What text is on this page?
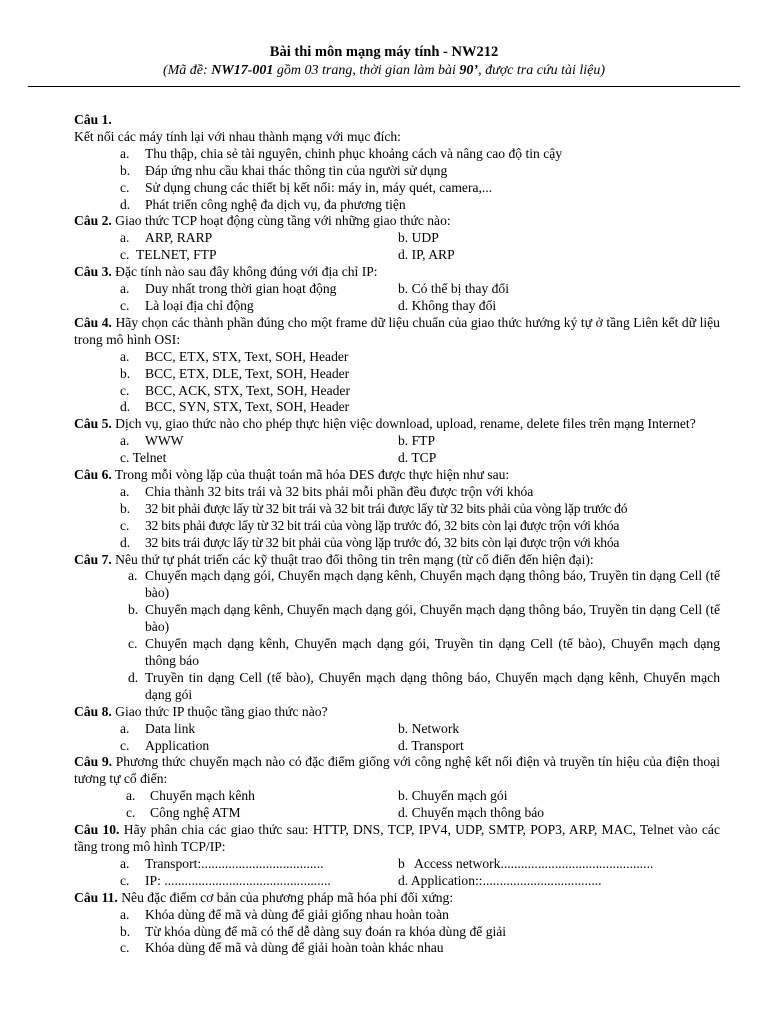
Bài thi môn mạng máy tính - NW212
(Mã đề: NW17-001 gồm 03 trang, thời gian làm bài 90’, được tra cứu tài liệu)
Câu 1.
Kết nối các máy tính lại với nhau thành mạng với mục đích:
a.	Thu thập, chia sẻ tài nguyên, chinh phục khoảng cách và nâng cao độ tin cậy
b.	Đáp ứng nhu cầu khai thác thông tin của người sử dụng
c.	Sử dụng chung các thiết bị kết nối: máy in, máy quét, camera,...
d.	Phát triển công nghệ đa dịch vụ, đa phương tiện
Câu 2. Giao thức TCP hoạt động cùng tầng với những giao thức nào:
a.	ARP, RARP	b. UDP
c. TELNET, FTP	d. IP, ARP
Câu 3. Đặc tính nào sau đây không đúng với địa chỉ IP:
a.	Duy nhất trong thời gian hoạt động	b. Có thể bị thay đổi
c.	Là loại địa chỉ động	d. Không thay đổi
Câu 4. Hãy chọn các thành phần đúng cho một frame dữ liệu chuẩn của giao thức hướng ký tự ở tầng Liên kết dữ liệu trong mô hình OSI:
a.	BCC, ETX, STX, Text, SOH, Header
b.	BCC, ETX, DLE, Text, SOH, Header
c.	BCC, ACK, STX, Text, SOH, Header
d.	BCC, SYN, STX, Text, SOH, Header
Câu 5. Dịch vụ, giao thức nào cho phép thực hiện việc download, upload, rename, delete files trên mạng Internet?
a.	WWW	b. FTP
c. Telnet	d. TCP
Câu 6. Trong mỗi vòng lặp của thuật toán mã hóa DES được thực hiện như sau:
a.	Chia thành 32 bits trái và 32 bits phải mỗi phần đều được trộn với khóa
b.	32 bit phải được lấy từ 32 bit trái và 32 bit trái được lấy từ 32 bits phải của vòng lặp trước đó
c.	32 bits phải được lấy từ 32 bit trái của vòng lặp trước đó, 32 bits còn lại được trộn với khóa
d.	32 bits trái được lấy từ 32 bit phải của vòng lặp trước đó, 32 bits còn lại được trộn với khóa
Câu 7. Nêu thứ tự phát triển các kỹ thuật trao đổi thông tin trên mạng (từ cổ điển đến hiện đại):
a. Chuyển mạch dạng gói, Chuyển mạch dạng kênh, Chuyển mạch dạng thông báo, Truyền tin dạng Cell (tế bào)
b. Chuyển mạch dạng kênh, Chuyển mạch dạng gói, Chuyển mạch dạng thông báo, Truyền tin dạng Cell (tế bào)
c. Chuyển mạch dạng kênh, Chuyển mạch dạng gói, Truyền tin dạng Cell (tế bào), Chuyển mạch dạng thông báo
d. Truyền tin dạng Cell (tế bào), Chuyển mạch dạng thông báo, Chuyển mạch dạng kênh, Chuyển mạch dạng gói
Câu 8. Giao thức IP thuộc tầng giao thức nào?
a.	Data link	b. Network
c.	Application	d. Transport
Câu 9. Phương thức chuyển mạch nào có đặc điểm giống với công nghệ kết nối điện và truyền tín hiệu của điện thoại tương tự cổ điển:
a.	Chuyển mạch kênh	b. Chuyển mạch gói
c.	Công nghệ ATM	d. Chuyển mạch thông báo
Câu 10. Hãy phân chia các giao thức sau: HTTP, DNS, TCP, IPV4, UDP, SMTP, POP3, ARP, MAC, Telnet vào các tầng trong mô hình TCP/IP:
a.	Transport:....................................	b Access network.............................................
c.	IP: .................................................	d. Application::...................................
Câu 11. Nêu đặc điểm cơ bản của phương pháp mã hóa phi đối xứng:
a.	Khóa dùng để mã và dùng để giải giống nhau hoàn toàn
b.	Từ khóa dùng để mã có thể dễ dàng suy đoán ra khóa dùng để giải
c.	Khóa dùng để mã và dùng để giải hoàn toàn khác nhau
